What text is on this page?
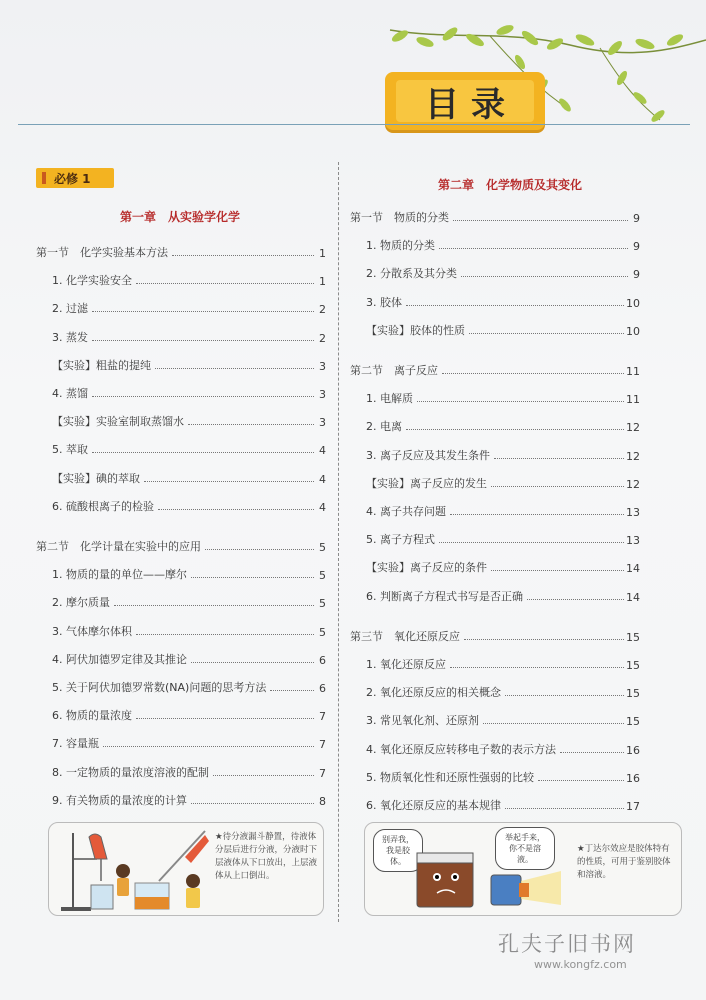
目录
必修 1
第一章　从实验学化学
第二章　化学物质及其变化
第一节　化学实验基本方法	1
1. 化学实验安全	1
2. 过滤	2
3. 蒸发	2
【实验】粗盐的提纯	3
4. 蒸馏	3
【实验】实验室制取蒸馏水	3
5. 萃取	4
【实验】碘的萃取	4
6. 硫酸根离子的检验	4
第二节　化学计量在实验中的应用	5
1. 物质的量的单位——摩尔	5
2. 摩尔质量	5
3. 气体摩尔体积	5
4. 阿伏加德罗定律及其推论	6
5. 关于阿伏加德罗常数(NA)问题的思考方法	6
6. 物质的量浓度	7
7. 容量瓶	7
8. 一定物质的量浓度溶液的配制	7
9. 有关物质的量浓度的计算	8
第一节　物质的分类	9
1. 物质的分类	9
2. 分散系及其分类	9
3. 胶体	10
【实验】胶体的性质	10
第二节　离子反应	11
1. 电解质	11
2. 电离	12
3. 离子反应及其发生条件	12
【实验】离子反应的发生	12
4. 离子共存问题	13
5. 离子方程式	13
【实验】离子反应的条件	14
6. 判断离子方程式书写是否正确	14
第三节　氧化还原反应	15
1. 氧化还原反应	15
2. 氧化还原反应的相关概念	15
3. 常见氧化剂、还原剂	15
4. 氧化还原反应转移电子数的表示方法	16
5. 物质氧化性和还原性强弱的比较	16
6. 氧化还原反应的基本规律	17
★待分液漏斗静置，待液体分层后进行分液，分液时下层液体从下口放出，上层液体从上口倒出。
别弄我，我是胶体。
举起手来，你不是溶液。
★丁达尔效应是胶体特有的性质，可用于鉴别胶体和溶液。
孔夫子旧书网
www.kongfz.com
